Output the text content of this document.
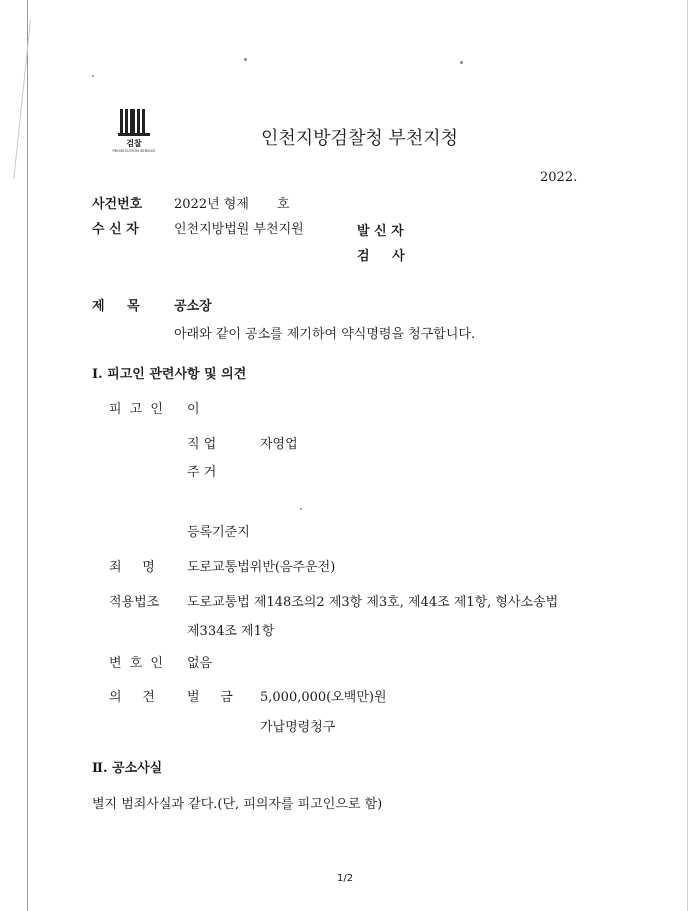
검찰
PROSECUTION SERVICE
인천지방검찰청 부천지청
2022.
사건번호 2022년 형제 호
수 신 자	인천지방법원 부천지원	발 신 자
검     사
제     목	공소장
아래와 같이 공소를 제기하여 약식명령을 청구합니다.
Ⅰ. 피고인 관련사항 및 의견
피 고 인 이
직 업	자영업
주 거
등록기준지
죄     명 도로교통법위반(음주운전)
적용법조 도로교통법 제148조의2 제3항 제3호, 제44조 제1항, 형사소송법
제334조 제1항
변 호 인 없음
의     견 벌     금 5,000,000(오백만)원
가납명령청구
Ⅱ. 공소사실
별지 범죄사실과 같다.(단, 피의자를 피고인으로 함)
1/2
